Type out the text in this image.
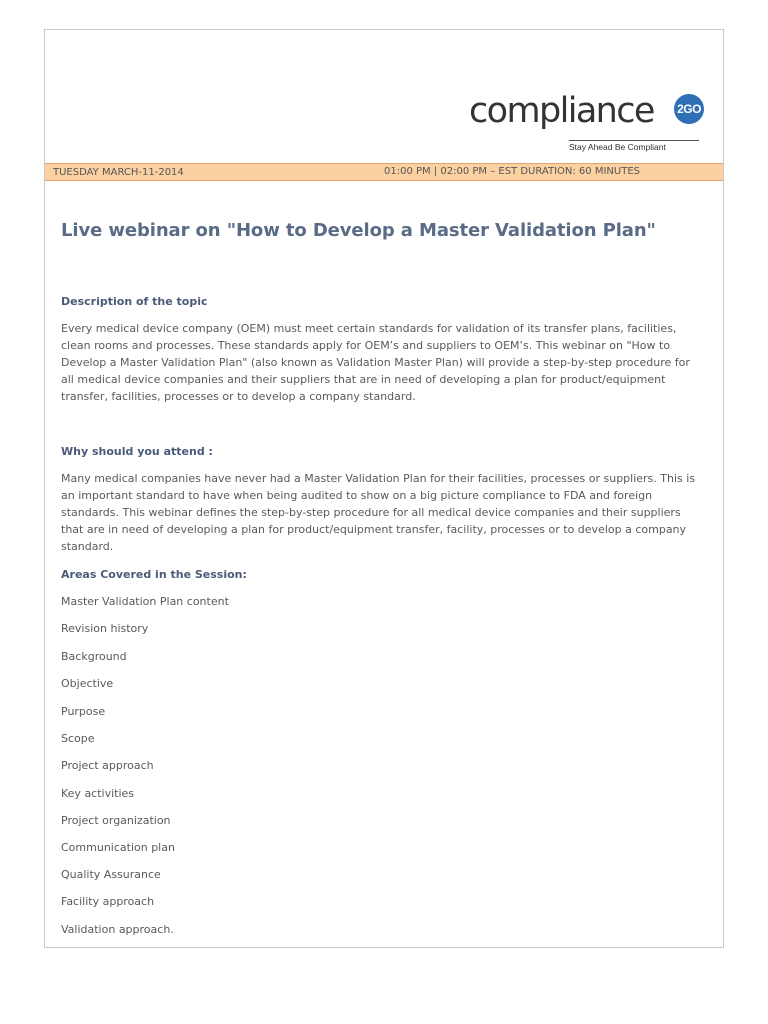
compliance 2GO
Stay Ahead Be Compliant
TUESDAY MARCH-11-2014	01:00 PM | 02:00 PM – EST DURATION: 60 MINUTES
Live webinar on "How to Develop a Master Validation Plan"
Description of the topic
Every medical device company (OEM) must meet certain standards for validation of its transfer plans, facilities, clean rooms and processes. These standards apply for OEM’s and suppliers to OEM’s. This webinar on "How to Develop a Master Validation Plan" (also known as Validation Master Plan) will provide a step-by-step procedure for all medical device companies and their suppliers that are in need of developing a plan for product/equipment transfer, facilities, processes or to develop a company standard.
Why should you attend :
Many medical companies have never had a Master Validation Plan for their facilities, processes or suppliers. This is an important standard to have when being audited to show on a big picture compliance to FDA and foreign standards. This webinar defines the step-by-step procedure for all medical device companies and their suppliers that are in need of developing a plan for product/equipment transfer, facility, processes or to develop a company standard.
Areas Covered in the Session:
Master Validation Plan content
Revision history
Background
Objective
Purpose
Scope
Project approach
Key activities
Project organization
Communication plan
Quality Assurance
Facility approach
Validation approach.
